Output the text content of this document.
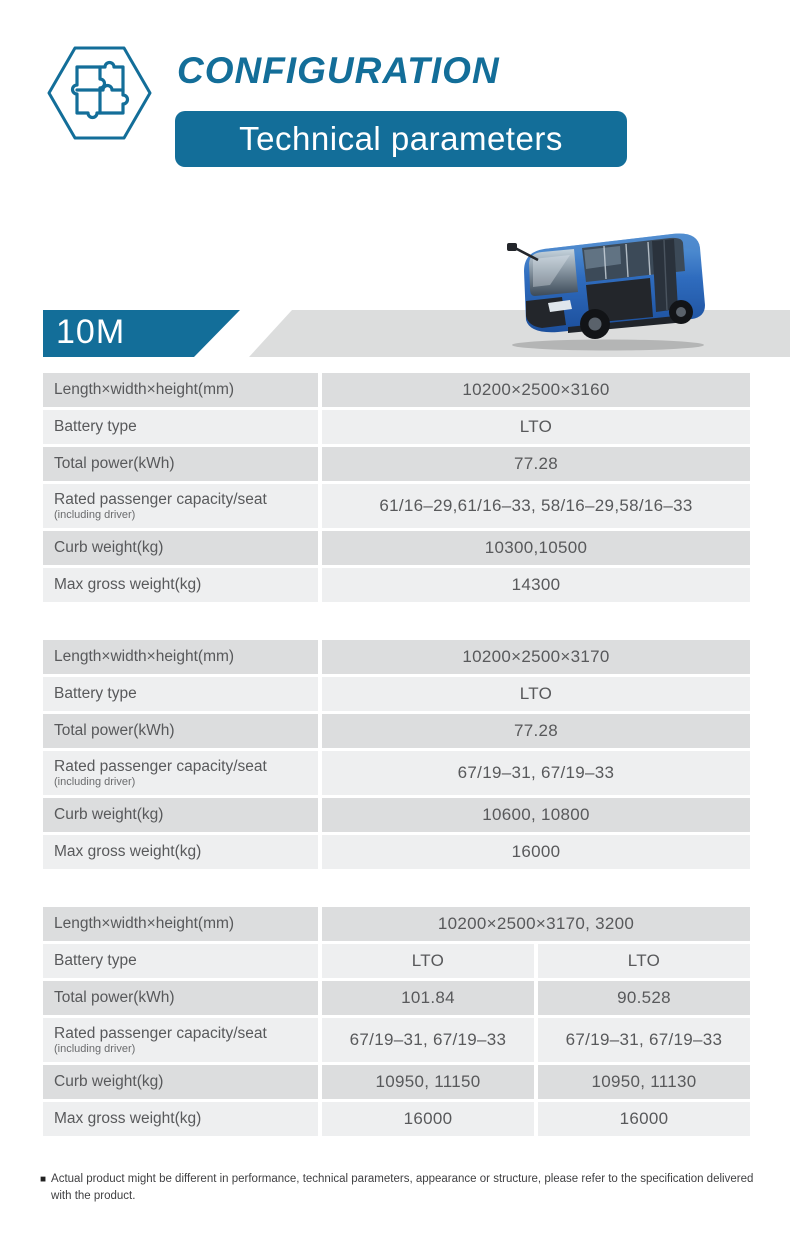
CONFIGURATION
Technical parameters
10M
Length×width×height(mm)	10200×2500×3160
Battery type	LTO
Total power(kWh)	77.28
Rated passenger capacity/seat
(including driver)	61/16–29,61/16–33, 58/16–29,58/16–33
Curb weight(kg)	10300,10500
Max gross weight(kg)	14300
Length×width×height(mm)	10200×2500×3170
Battery type	LTO
Total power(kWh)	77.28
Rated passenger capacity/seat
(including driver)	67/19–31, 67/19–33
Curb weight(kg)	10600, 10800
Max gross weight(kg)	16000
Length×width×height(mm)	10200×2500×3170, 3200
Battery type	LTO	LTO
Total power(kWh)	101.84	90.528
Rated passenger capacity/seat
(including driver)	67/19–31, 67/19–33	67/19–31, 67/19–33
Curb weight(kg)	10950, 11150	10950, 11130
Max gross weight(kg)	16000	16000
■ Actual product might be different in performance, technical parameters, appearance or structure, please refer to the specification delivered with the product.
